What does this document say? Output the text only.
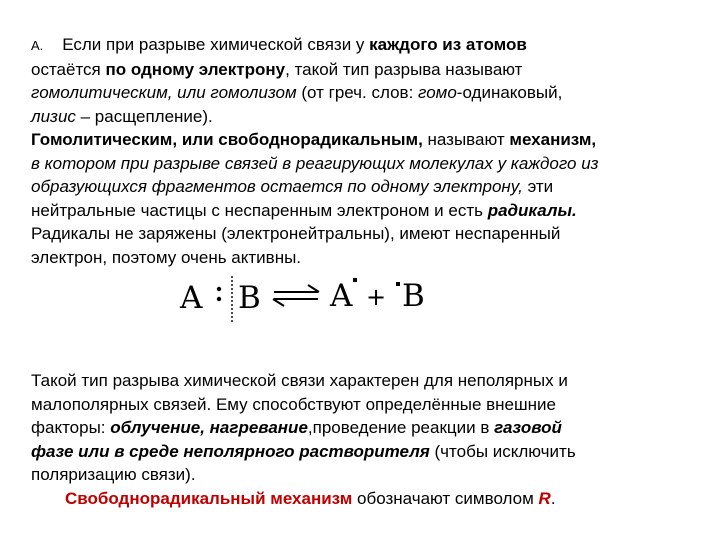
A. Если при разрыве химической связи у каждого из атомов
остаётся по одному электрону, такой тип разрыва называют
гомолитическим, или гомолизом (от греч. слов: гомо-одинаковый,
лизис – расщепление).
Гомолитическим, или свободнорадикальным, называют механизм,
в котором при разрыве связей в реагирующих молекулах у каждого из
образующихся фрагментов остается по одному электрону, эти
нейтральные частицы с неспаренным электроном и есть радикалы.
Радикалы не заряжены (электронейтральны), имеют неспаренный
электрон, поэтому очень активны.
A B A + B
Такой тип разрыва химической связи характерен для неполярных и
малополярных связей. Ему способствуют определённые внешние
факторы: облучение, нагревание,проведение реакции в газовой
фазе или в среде неполярного растворителя (чтобы исключить
поляризацию связи).
Свободнорадикальный механизм обозначают символом R.
